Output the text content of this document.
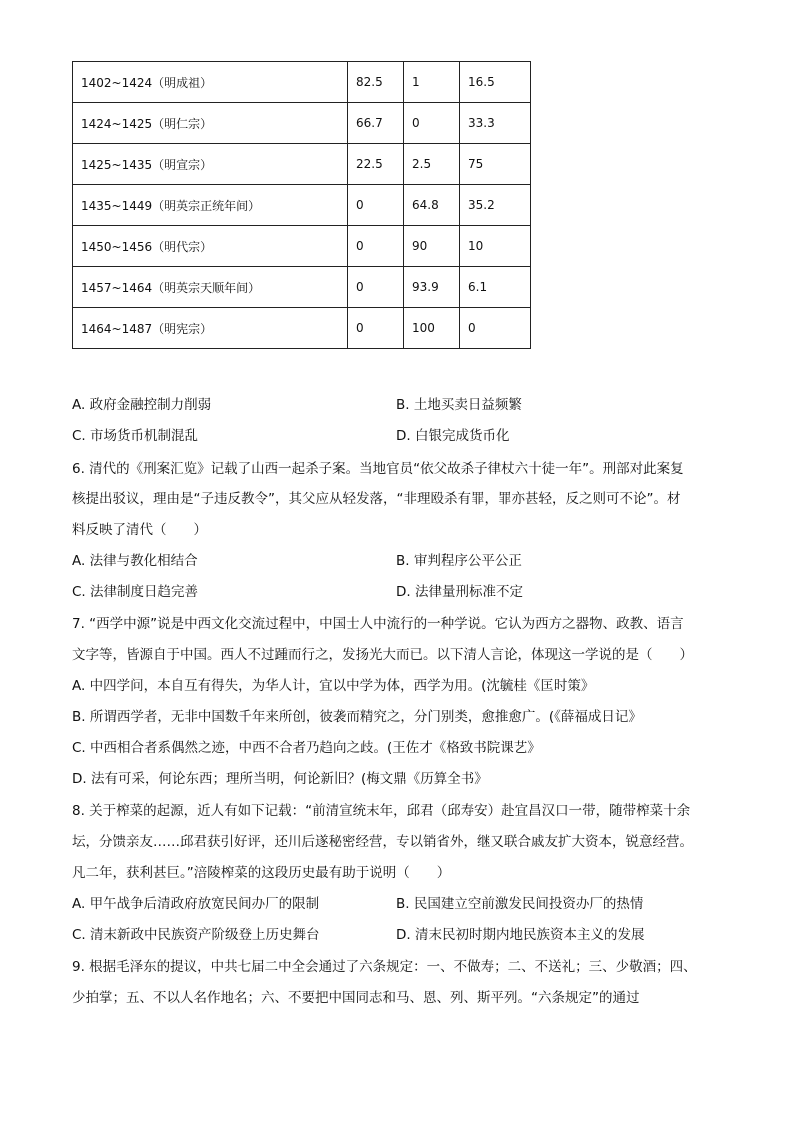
1402~1424（明成祖）	82.5	1	16.5
1424~1425（明仁宗）	66.7	0	33.3
1425~1435（明宣宗）	22.5	2.5	75
1435~1449（明英宗正统年间）	0	64.8	35.2
1450~1456（明代宗）	0	90	10
1457~1464（明英宗天顺年间）	0	93.9	6.1
1464~1487（明宪宗）	0	100	0
A. 政府金融控制力削弱	B. 土地买卖日益频繁
C. 市场货币机制混乱	D. 白银完成货币化
6. 清代的《刑案汇览》记载了山西一起杀子案。当地官员“依父故杀子律杖六十徒一年”。刑部对此案复
核提出驳议，理由是“子违反教令”，其父应从轻发落，“非理殴杀有罪，罪亦甚轻，反之则可不论”。材
料反映了清代（　　）
A. 法律与教化相结合	B. 审判程序公平公正
C. 法律制度日趋完善	D. 法律量刑标准不定
7. “西学中源”说是中西文化交流过程中，中国士人中流行的一种学说。它认为西方之器物、政教、语言
文字等，皆源自于中国。西人不过踵而行之，发扬光大而已。以下清人言论，体现这一学说的是（　　）
A. 中四学问，本自互有得失，为华人计，宜以中学为体，西学为用。(沈毓桂《匡时策》
B. 所谓西学者，无非中国数千年来所创，彼袭而精究之，分门别类，愈推愈广。(《薛福成日记》
C. 中西相合者系偶然之迹，中西不合者乃趋向之歧。(王佐才《格致书院课艺》
D. 法有可采，何论东西；理所当明，何论新旧？(梅文鼎《历算全书》
8. 关于榨菜的起源，近人有如下记载：“前清宣统末年，邱君（邱寿安）赴宜昌汉口一带，随带榨菜十余
坛，分馈亲友……邱君获引好评，还川后遂秘密经营，专以销省外，继又联合戚友扩大资本，锐意经营。
凡二年，获利甚巨。”涪陵榨菜的这段历史最有助于说明（　　）
A. 甲午战争后清政府放宽民间办厂的限制	B. 民国建立空前激发民间投资办厂的热情
C. 清末新政中民族资产阶级登上历史舞台	D. 清末民初时期内地民族资本主义的发展
9. 根据毛泽东的提议，中共七届二中全会通过了六条规定：一、不做寿；二、不送礼；三、少敬酒；四、
少拍掌；五、不以人名作地名；六、不要把中国同志和马、恩、列、斯平列。“六条规定”的通过
